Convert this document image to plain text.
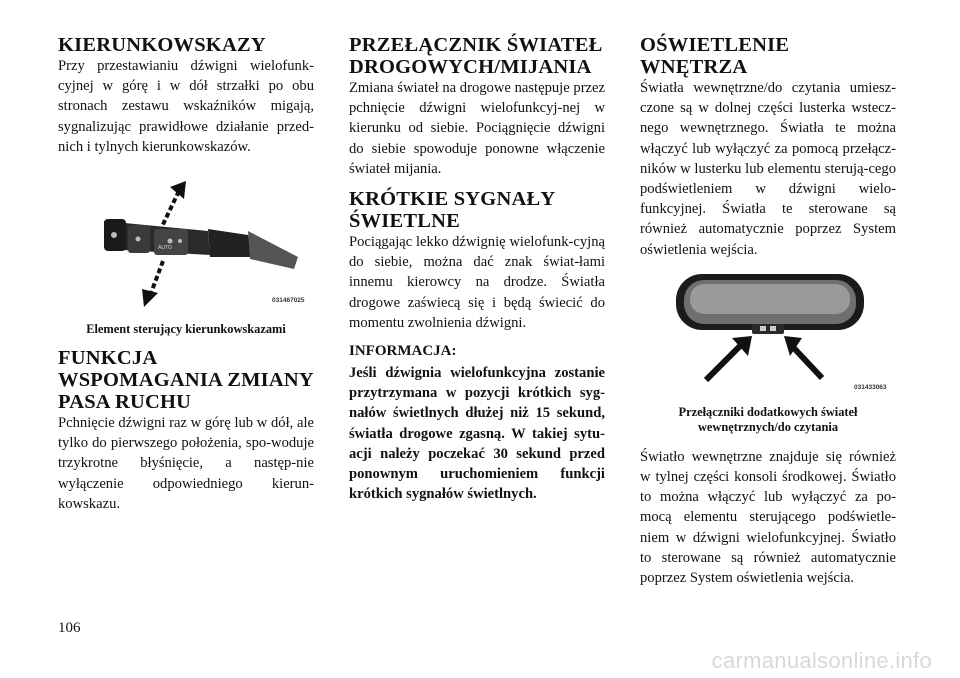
KIERUNKOWSKAZY

Przy przestawianiu dźwigni wielofunk-cyjnej w górę i w dół strzałki po obu stronach zestawu wskaźników migają, sygnalizując prawidłowe działanie przed-nich i tylnych kierunkowskazów.

AUTO
031467025
Element sterujący kierunkowskazami
FUNKCJA WSPOMAGANIA ZMIANY PASA RUCHU

Pchnięcie dźwigni raz w górę lub w dół, ale tylko do pierwszego położenia, spo-woduje trzykrotne błyśnięcie, a następ-nie wyłączenie odpowiedniego kierun-kowskazu.

PRZEŁĄCZNIK ŚWIATEŁ DROGOWYCH/MIJANIA

Zmiana świateł na drogowe następuje przez pchnięcie dźwigni wielofunkcyj-nej w kierunku od siebie. Pociągnięcie dźwigni do siebie spowoduje ponowne włączenie świateł mijania.

KRÓTKIE SYGNAŁY ŚWIETLNE

Pociągając lekko dźwignię wielofunk-cyjną do siebie, można dać znak świat-łami innemu kierowcy na drodze. Światła drogowe zaświecą się i będą świecić do momentu zwolnienia dźwigni.

INFORMACJA:

Jeśli dźwignia wielofunkcyjna zostanie przytrzymana w pozycji krótkich syg-nałów świetlnych dłużej niż 15 sekund, światła drogowe zgasną. W takiej sytu-acji należy poczekać 30 sekund przed ponownym uruchomieniem funkcji krótkich sygnałów świetlnych.

OŚWIETLENIE WNĘTRZA

Światła wewnętrzne/do czytania umiesz-czone są w dolnej części lusterka wstecz-nego wewnętrznego. Światła te można włączyć lub wyłączyć za pomocą przełącz-ników w lusterku lub elementu sterują-cego podświetleniem w dźwigni wielo-funkcyjnej. Światła te sterowane są również automatycznie poprzez System oświetlenia wejścia.

031433063
Przełączniki dodatkowych świateł wewnętrznych/do czytania

Światło wewnętrzne znajduje się również w tylnej części konsoli środkowej. Światło to można włączyć lub wyłączyć za po-mocą elementu sterującego podświetle-niem w dźwigni wielofunkcyjnej. Światło to sterowane są również automatycznie poprzez System oświetlenia wejścia.

106
carmanualsonline.info
